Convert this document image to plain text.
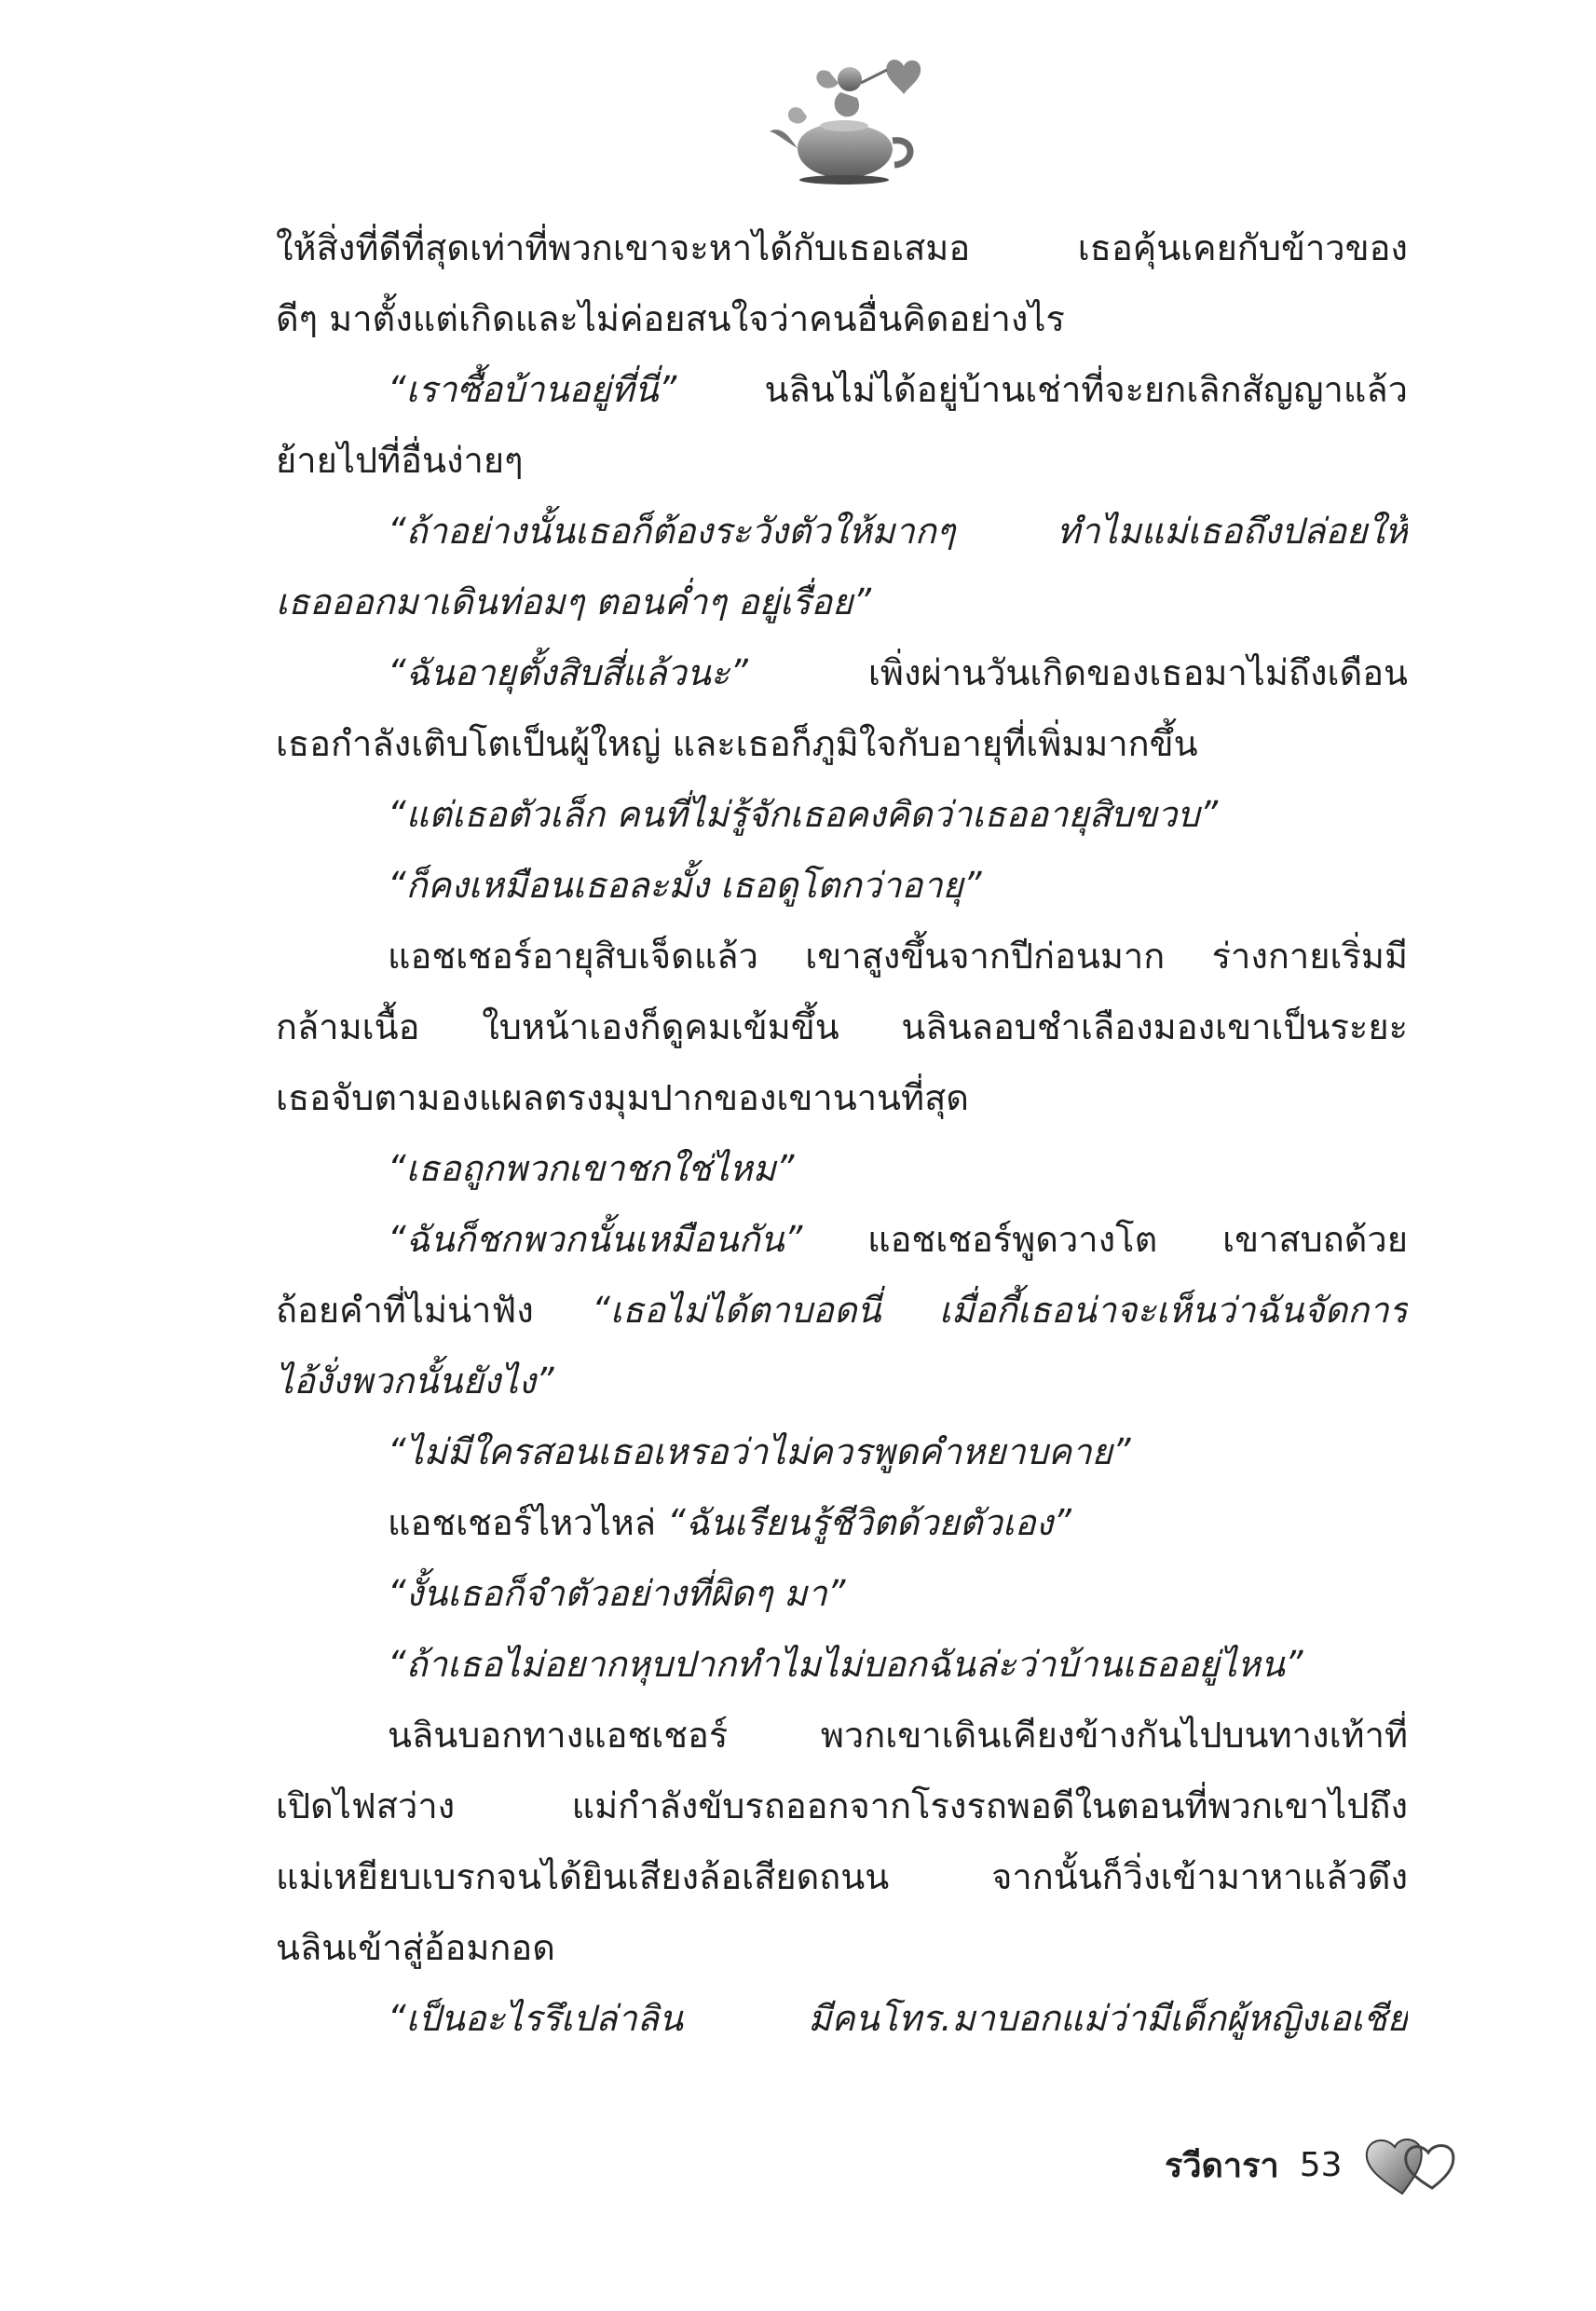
ให้สิ่งที่ดีที่สุดเท่าที่พวกเขาจะหาได้กับเธอเสมอ เธอคุ้นเคยกับข้าวของ
ดีๆ มาตั้งแต่เกิดและไม่ค่อยสนใจว่าคนอื่นคิดอย่างไร
“เราซื้อบ้านอยู่ที่นี่” นลินไม่ได้อยู่บ้านเช่าที่จะยกเลิกสัญญาแล้ว
ย้ายไปที่อื่นง่ายๆ
“ถ้าอย่างนั้นเธอก็ต้องระวังตัวให้มากๆ ทำไมแม่เธอถึงปล่อยให้
เธอออกมาเดินท่อมๆ ตอนค่ำๆ อยู่เรื่อย”
“ฉันอายุตั้งสิบสี่แล้วนะ” เพิ่งผ่านวันเกิดของเธอมาไม่ถึงเดือน
เธอกำลังเติบโตเป็นผู้ใหญ่ และเธอก็ภูมิใจกับอายุที่เพิ่มมากขึ้น
“แต่เธอตัวเล็ก คนที่ไม่รู้จักเธอคงคิดว่าเธออายุสิบขวบ”
“ก็คงเหมือนเธอละมั้ง เธอดูโตกว่าอายุ”
แอชเชอร์อายุสิบเจ็ดแล้ว เขาสูงขึ้นจากปีก่อนมาก ร่างกายเริ่มมี
กล้ามเนื้อ ใบหน้าเองก็ดูคมเข้มขึ้น นลินลอบชำเลืองมองเขาเป็นระยะ
เธอจับตามองแผลตรงมุมปากของเขานานที่สุด
“เธอถูกพวกเขาชกใช่ไหม”
“ฉันก็ชกพวกนั้นเหมือนกัน” แอชเชอร์พูดวางโต เขาสบถด้วย
ถ้อยคำที่ไม่น่าฟัง “เธอไม่ได้ตาบอดนี่ เมื่อกี้เธอน่าจะเห็นว่าฉันจัดการ
ไอ้งั่งพวกนั้นยังไง”
“ไม่มีใครสอนเธอเหรอว่าไม่ควรพูดคำหยาบคาย”
แอชเชอร์ไหวไหล่ “ฉันเรียนรู้ชีวิตด้วยตัวเอง”
“งั้นเธอก็จำตัวอย่างที่ผิดๆ มา”
“ถ้าเธอไม่อยากหุบปากทำไมไม่บอกฉันล่ะว่าบ้านเธออยู่ไหน”
นลินบอกทางแอชเชอร์ พวกเขาเดินเคียงข้างกันไปบนทางเท้าที่
เปิดไฟสว่าง แม่กำลังขับรถออกจากโรงรถพอดีในตอนที่พวกเขาไปถึง
แม่เหยียบเบรกจนได้ยินเสียงล้อเสียดถนน จากนั้นก็วิ่งเข้ามาหาแล้วดึง
นลินเข้าสู่อ้อมกอด
“เป็นอะไรรึเปล่าลิน มีคนโทร.มาบอกแม่ว่ามีเด็กผู้หญิงเอเชีย
รวีดารา 53
